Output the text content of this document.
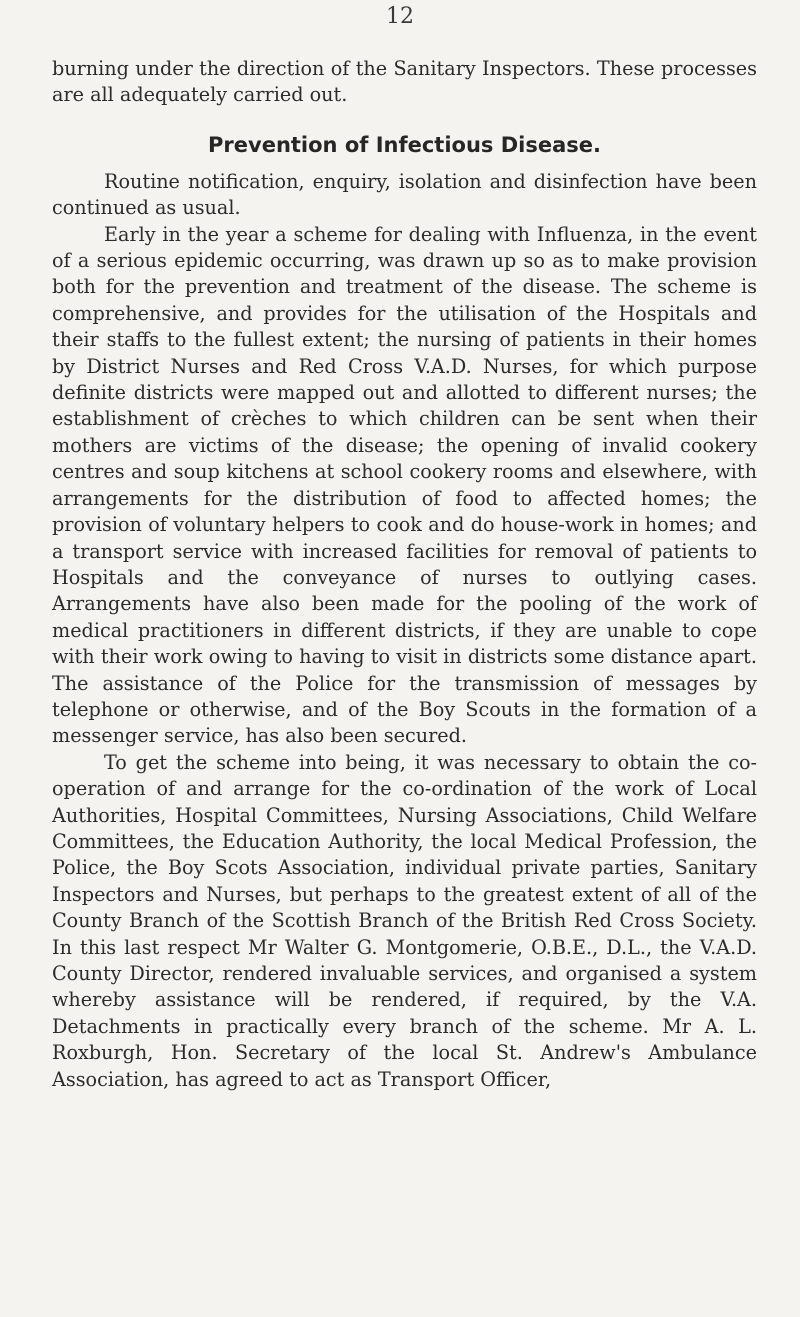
12

burning under the direction of the Sanitary Inspectors. These processes are all adequately carried out.

Prevention of Infectious Disease.

Routine notification, enquiry, isolation and disinfection have been continued as usual.

Early in the year a scheme for dealing with Influenza, in the event of a serious epidemic occurring, was drawn up so as to make provision both for the prevention and treatment of the disease. The scheme is comprehensive, and provides for the utilisation of the Hospitals and their staffs to the fullest extent; the nursing of patients in their homes by District Nurses and Red Cross V.A.D. Nurses, for which purpose definite districts were mapped out and allotted to different nurses; the establishment of crèches to which children can be sent when their mothers are victims of the disease; the opening of invalid cookery centres and soup kitchens at school cookery rooms and elsewhere, with arrangements for the distribution of food to affected homes; the provision of voluntary helpers to cook and do house-work in homes; and a transport service with increased facilities for removal of patients to Hospitals and the conveyance of nurses to outlying cases. Arrangements have also been made for the pooling of the work of medical practitioners in different districts, if they are unable to cope with their work owing to having to visit in districts some distance apart. The assistance of the Police for the transmission of messages by telephone or otherwise, and of the Boy Scouts in the formation of a messenger service, has also been secured.

To get the scheme into being, it was necessary to obtain the co-operation of and arrange for the co-ordination of the work of Local Authorities, Hospital Committees, Nursing Associations, Child Welfare Committees, the Education Authority, the local Medical Profession, the Police, the Boy Scots Association, individual private parties, Sanitary Inspectors and Nurses, but perhaps to the greatest extent of all of the County Branch of the Scottish Branch of the British Red Cross Society. In this last respect Mr Walter G. Montgomerie, O.B.E., D.L., the V.A.D. County Director, rendered invaluable services, and organised a system whereby assistance will be rendered, if required, by the V.A. Detachments in practically every branch of the scheme. Mr A. L. Roxburgh, Hon. Secretary of the local St. Andrew's Ambulance Association, has agreed to act as Transport Officer,
